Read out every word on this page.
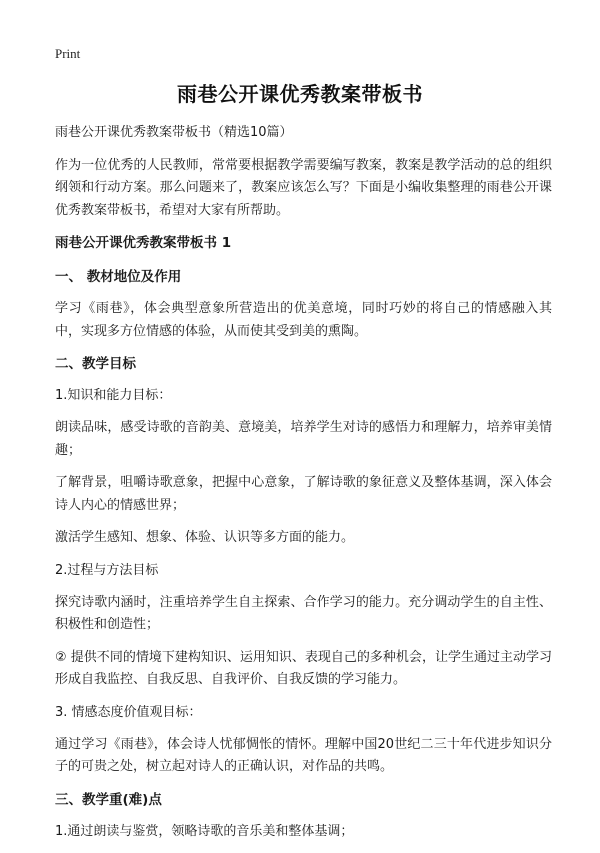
Print
雨巷公开课优秀教案带板书

雨巷公开课优秀教案带板书（精选10篇）

作为一位优秀的人民教师，常常要根据教学需要编写教案，教案是教学活动的总的组织纲领和行动方案。那么问题来了，教案应该怎么写？下面是小编收集整理的雨巷公开课优秀教案带板书，希望对大家有所帮助。

雨巷公开课优秀教案带板书 1
一、 教材地位及作用

学习《雨巷》，体会典型意象所营造出的优美意境，同时巧妙的将自己的情感融入其中，实现多方位情感的体验，从而使其受到美的熏陶。

二、教学目标

1.知识和能力目标：

朗读品味，感受诗歌的音韵美、意境美，培养学生对诗的感悟力和理解力，培养审美情趣；

了解背景，咀嚼诗歌意象，把握中心意象，了解诗歌的象征意义及整体基调，深入体会诗人内心的情感世界；

激活学生感知、想象、体验、认识等多方面的能力。

2.过程与方法目标

探究诗歌内涵时，注重培养学生自主探索、合作学习的能力。充分调动学生的自主性、积极性和创造性；

② 提供不同的情境下建构知识、运用知识、表现自己的多种机会，让学生通过主动学习形成自我监控、自我反思、自我评价、自我反馈的学习能力。

3. 情感态度价值观目标：

通过学习《雨巷》，体会诗人忧郁惆怅的情怀。理解中国20世纪二三十年代进步知识分子的可贵之处，树立起对诗人的正确认识，对作品的共鸣。

三、教学重(难)点

1.通过朗读与鉴赏，领略诗歌的音乐美和整体基调；
